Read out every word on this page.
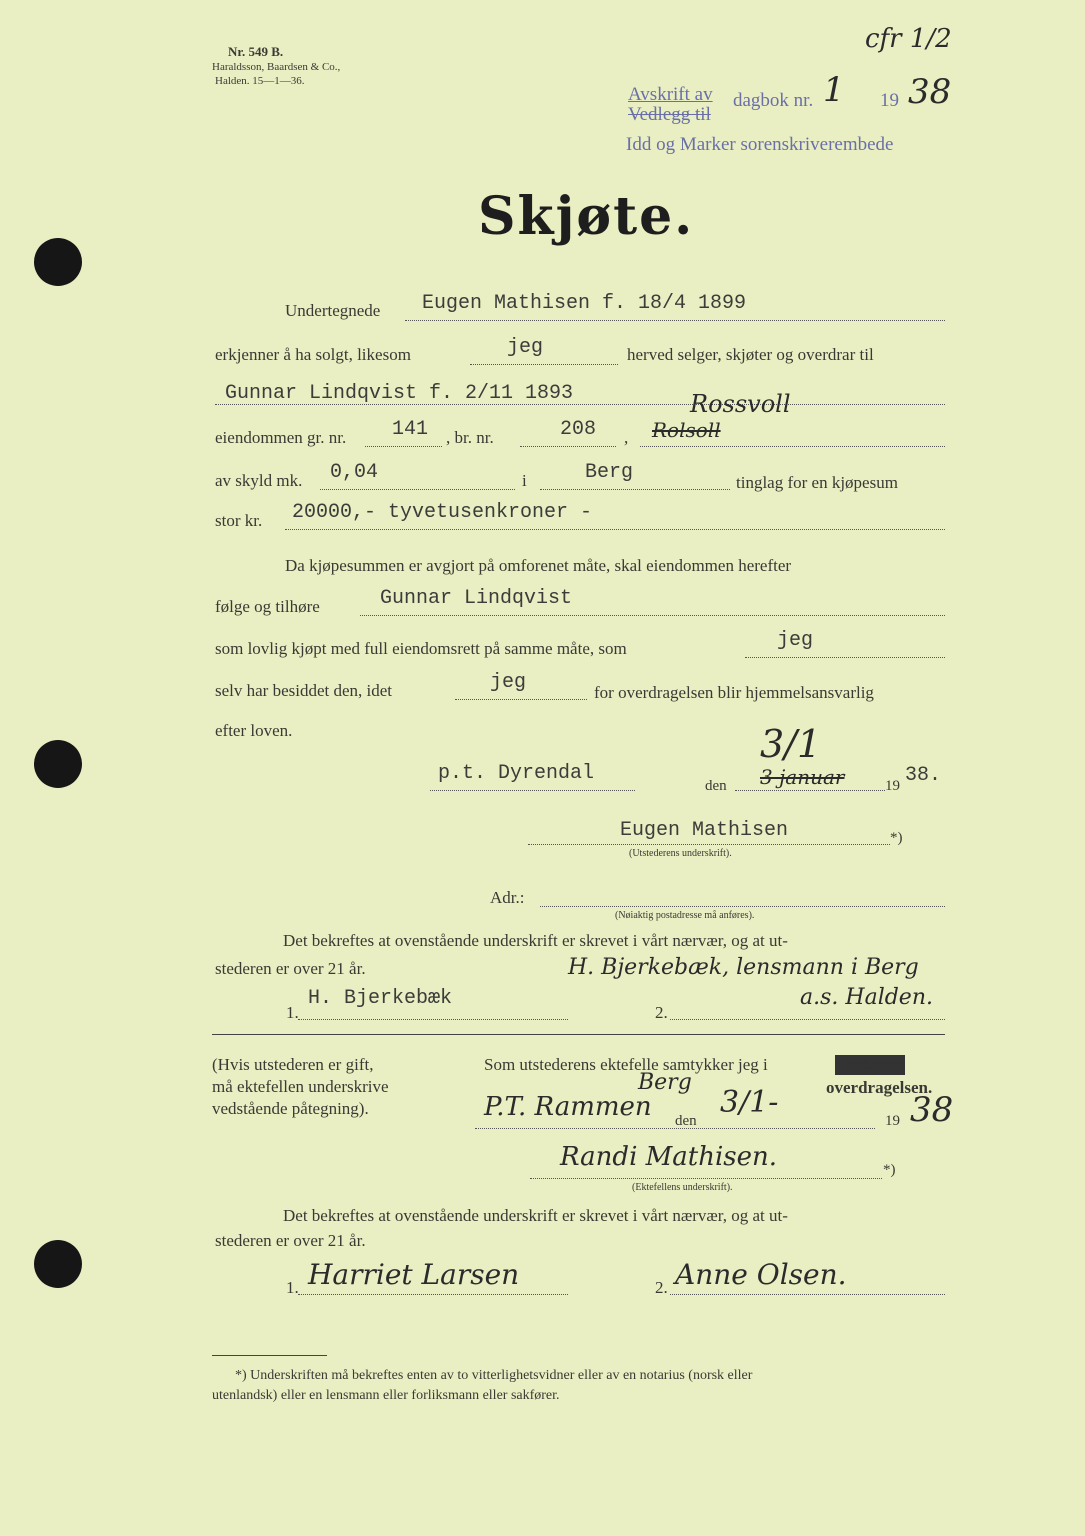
Nr. 549 B.
Haraldsson, Baardsen & Co.,
Halden. 15—1—36.
cfr 1/2
Avskrift av
Vedlegg til
dagbok nr. 1 19 38
Idd og Marker sorenskriverembede
Skjøte.
Undertegnede Eugen Mathisen f. 18/4 1899
erkjenner å ha solgt, likesom	jeg	herved selger, skjøter og overdrar til
Gunnar Lindqvist f. 2/11 1893
eiendommen gr. nr. 141 , br. nr.	208 , Rolsoll
Rossvoll
av skyld mk. 0,04	i	Berg	tinglag for en kjøpesum
stor kr. 20000,- tyvetusenkroner -
Da kjøpesummen er avgjort på omforenet måte, skal eiendommen herefter
følge og tilhøre	Gunnar Lindqvist
som lovlig kjøpt med full eiendomsrett på samme måte, som	jeg
selv har besiddet den, idet	jeg	for overdragelsen blir hjemmelsansvarlig
efter loven.
p.t. Dyrendal
den 3 januar
3/1
19 38.
Eugen Mathisen	*)
(Utstederens underskrift).
Adr.:
(Nøiaktig postadresse må anføres).
Det bekreftes at ovenstående underskrift er skrevet i vårt nærvær, og at ut-
stederen er over 21 år.	H. Bjerkebæk, lensmann i Berg
a.s. Halden.
1.
H. Bjerkebæk
2.
(Hvis utstederen er gift,
må ektefellen underskrive
vedstående påtegning).
Som utstederens ektefelle samtykker jeg i	avståelsen
overdragelsen.
P.T. Rammen
Berg
den
3/1-
19 38
Randi Mathisen.	*)
(Ektefellens underskrift).
Det bekreftes at ovenstående underskrift er skrevet i vårt nærvær, og at ut-
stederen er over 21 år.
1. Harriet Larsen	2. Anne Olsen.
*) Underskriften må bekreftes enten av to vitterlighetsvidner eller av en notarius (norsk eller
utenlandsk) eller en lensmann eller forliksmann eller sakfører.
